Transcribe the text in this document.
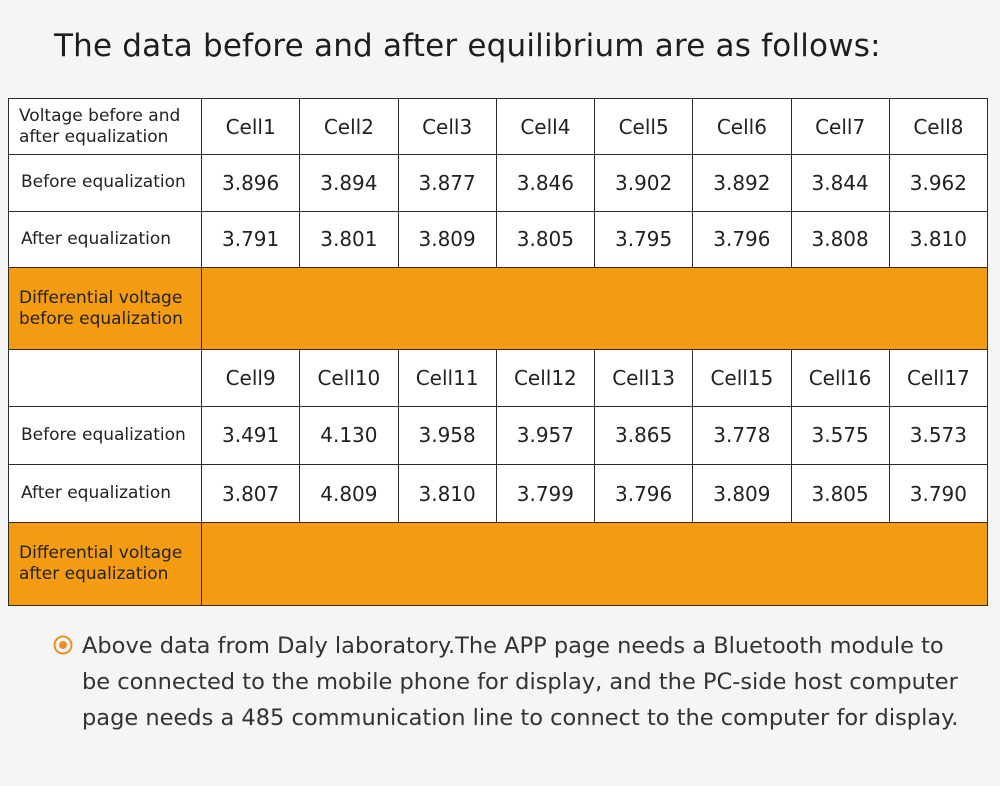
The data before and after equilibrium are as follows:
Voltage before and after equalization	Cell1	Cell2	Cell3	Cell4	Cell5	Cell6	Cell7	Cell8
Before equalization	3.896	3.894	3.877	3.846	3.902	3.892	3.844	3.962
After equalization	3.791	3.801	3.809	3.805	3.795	3.796	3.808	3.810
Differential voltage before equalization								
	Cell9	Cell10	Cell11	Cell12	Cell13	Cell15	Cell16	Cell17
Before equalization	3.491	4.130	3.958	3.957	3.865	3.778	3.575	3.573
After equalization	3.807	4.809	3.810	3.799	3.796	3.809	3.805	3.790
Differential voltage after equalization								
Above data from Daly laboratory.The APP page needs a Bluetooth module to be connected to the mobile phone for display, and the PC-side host computer page needs a 485 communication line to connect to the computer for display.
